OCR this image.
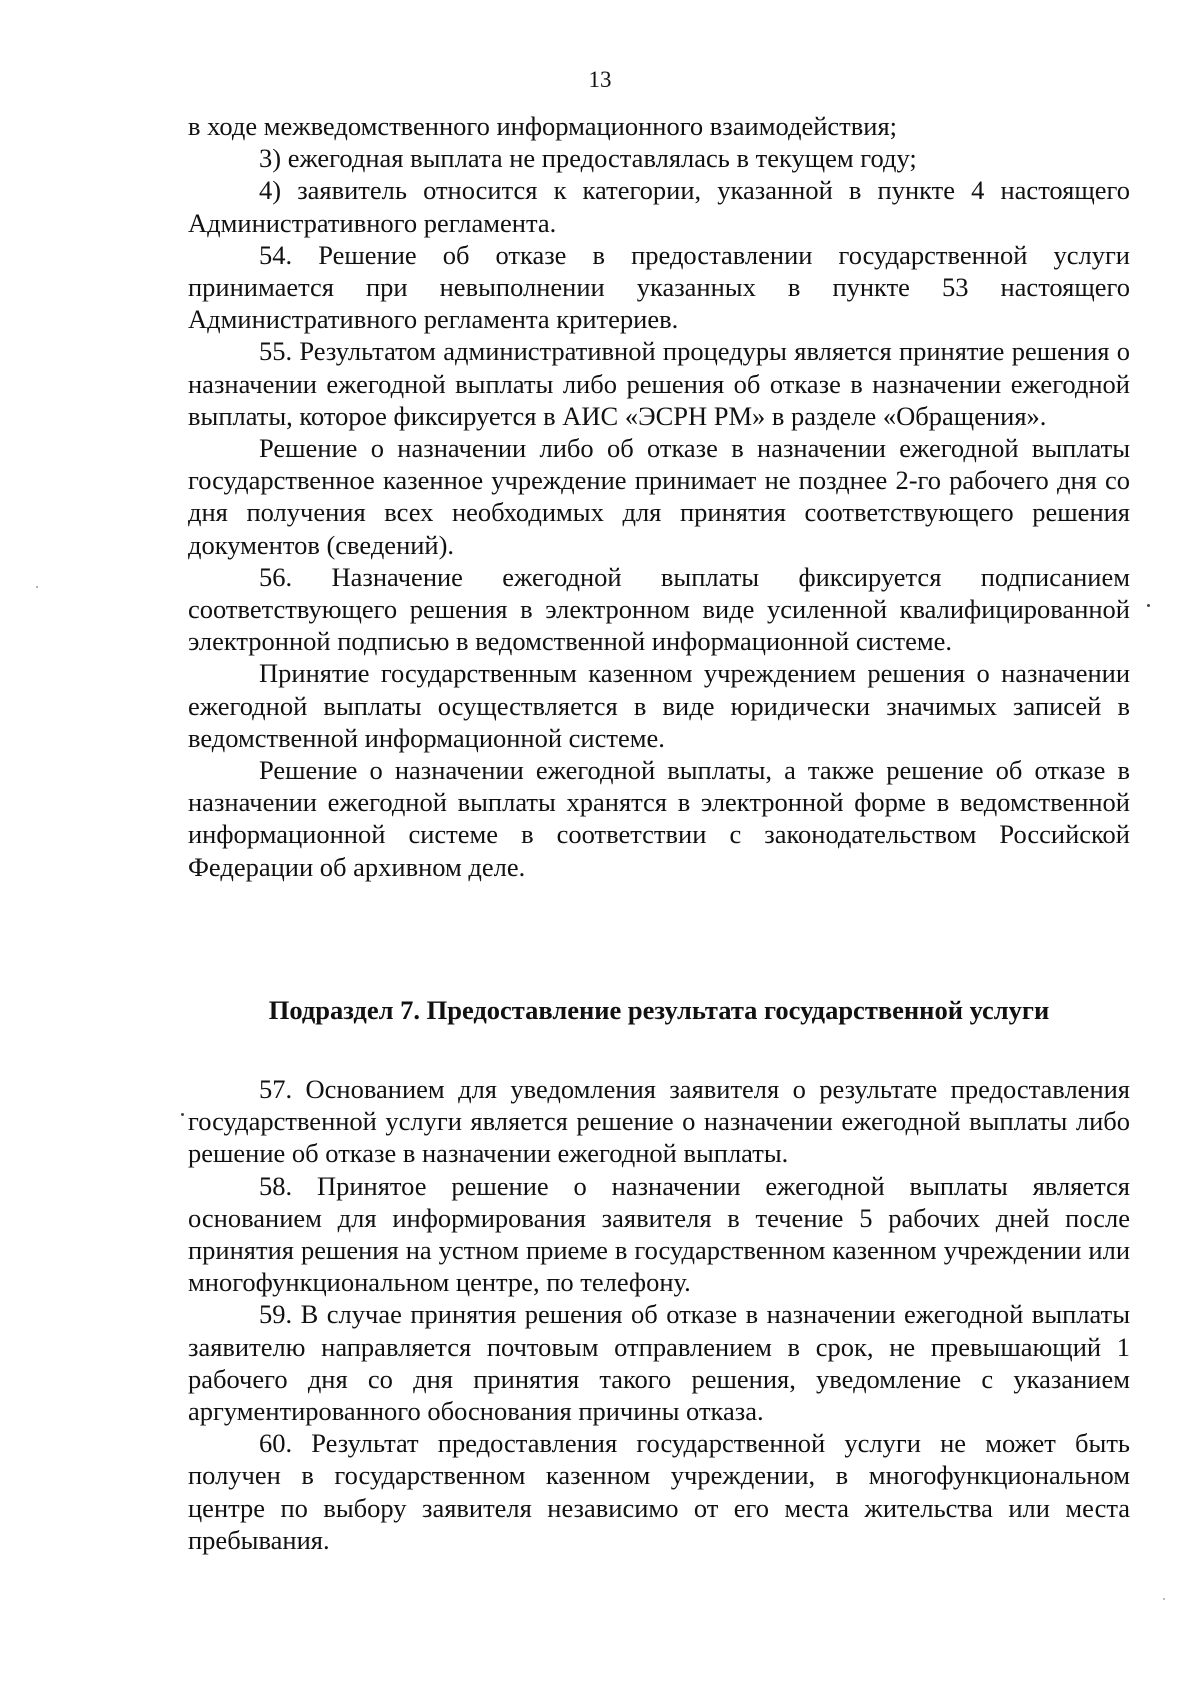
13

в ходе межведомственного информационного взаимодействия;

3) ежегодная выплата не предоставлялась в текущем году;

4) заявитель относится к категории, указанной в пункте 4 настоящего Административного регламента.

54. Решение об отказе в предоставлении государственной услуги принимается при невыполнении указанных в пункте 53 настоящего Административного регламента критериев.

55. Результатом административной процедуры является принятие решения о назначении ежегодной выплаты либо решения об отказе в назначении ежегодной выплаты, которое фиксируется в АИС «ЭСРН РМ» в разделе «Обращения».

Решение о назначении либо об отказе в назначении ежегодной выплаты государственное казенное учреждение принимает не позднее 2-го рабочего дня со дня получения всех необходимых для принятия соответствующего решения документов (сведений).

56. Назначение ежегодной выплаты фиксируется подписанием соответствующего решения в электронном виде усиленной квалифицированной электронной подписью в ведомственной информационной системе.

Принятие государственным казенном учреждением решения о назначении ежегодной выплаты осуществляется в виде юридически значимых записей в ведомственной информационной системе.

Решение о назначении ежегодной выплаты, а также решение об отказе в назначении ежегодной выплаты хранятся в электронной форме в ведомственной информационной системе в соответствии с законодательством Российской Федерации об архивном деле.

Подраздел 7. Предоставление результата государственной услуги

57. Основанием для уведомления заявителя о результате предоставления государственной услуги является решение о назначении ежегодной выплаты либо решение об отказе в назначении ежегодной выплаты.

58. Принятое решение о назначении ежегодной выплаты является основанием для информирования заявителя в течение 5 рабочих дней после принятия решения на устном приеме в государственном казенном учреждении или многофункциональном центре, по телефону.

59. В случае принятия решения об отказе в назначении ежегодной выплаты заявителю направляется почтовым отправлением в срок, не превышающий 1 рабочего дня со дня принятия такого решения, уведомление с указанием аргументированного обоснования причины отказа.

60. Результат предоставления государственной услуги не может быть получен в государственном казенном учреждении, в многофункциональном центре по выбору заявителя независимо от его места жительства или места пребывания.
